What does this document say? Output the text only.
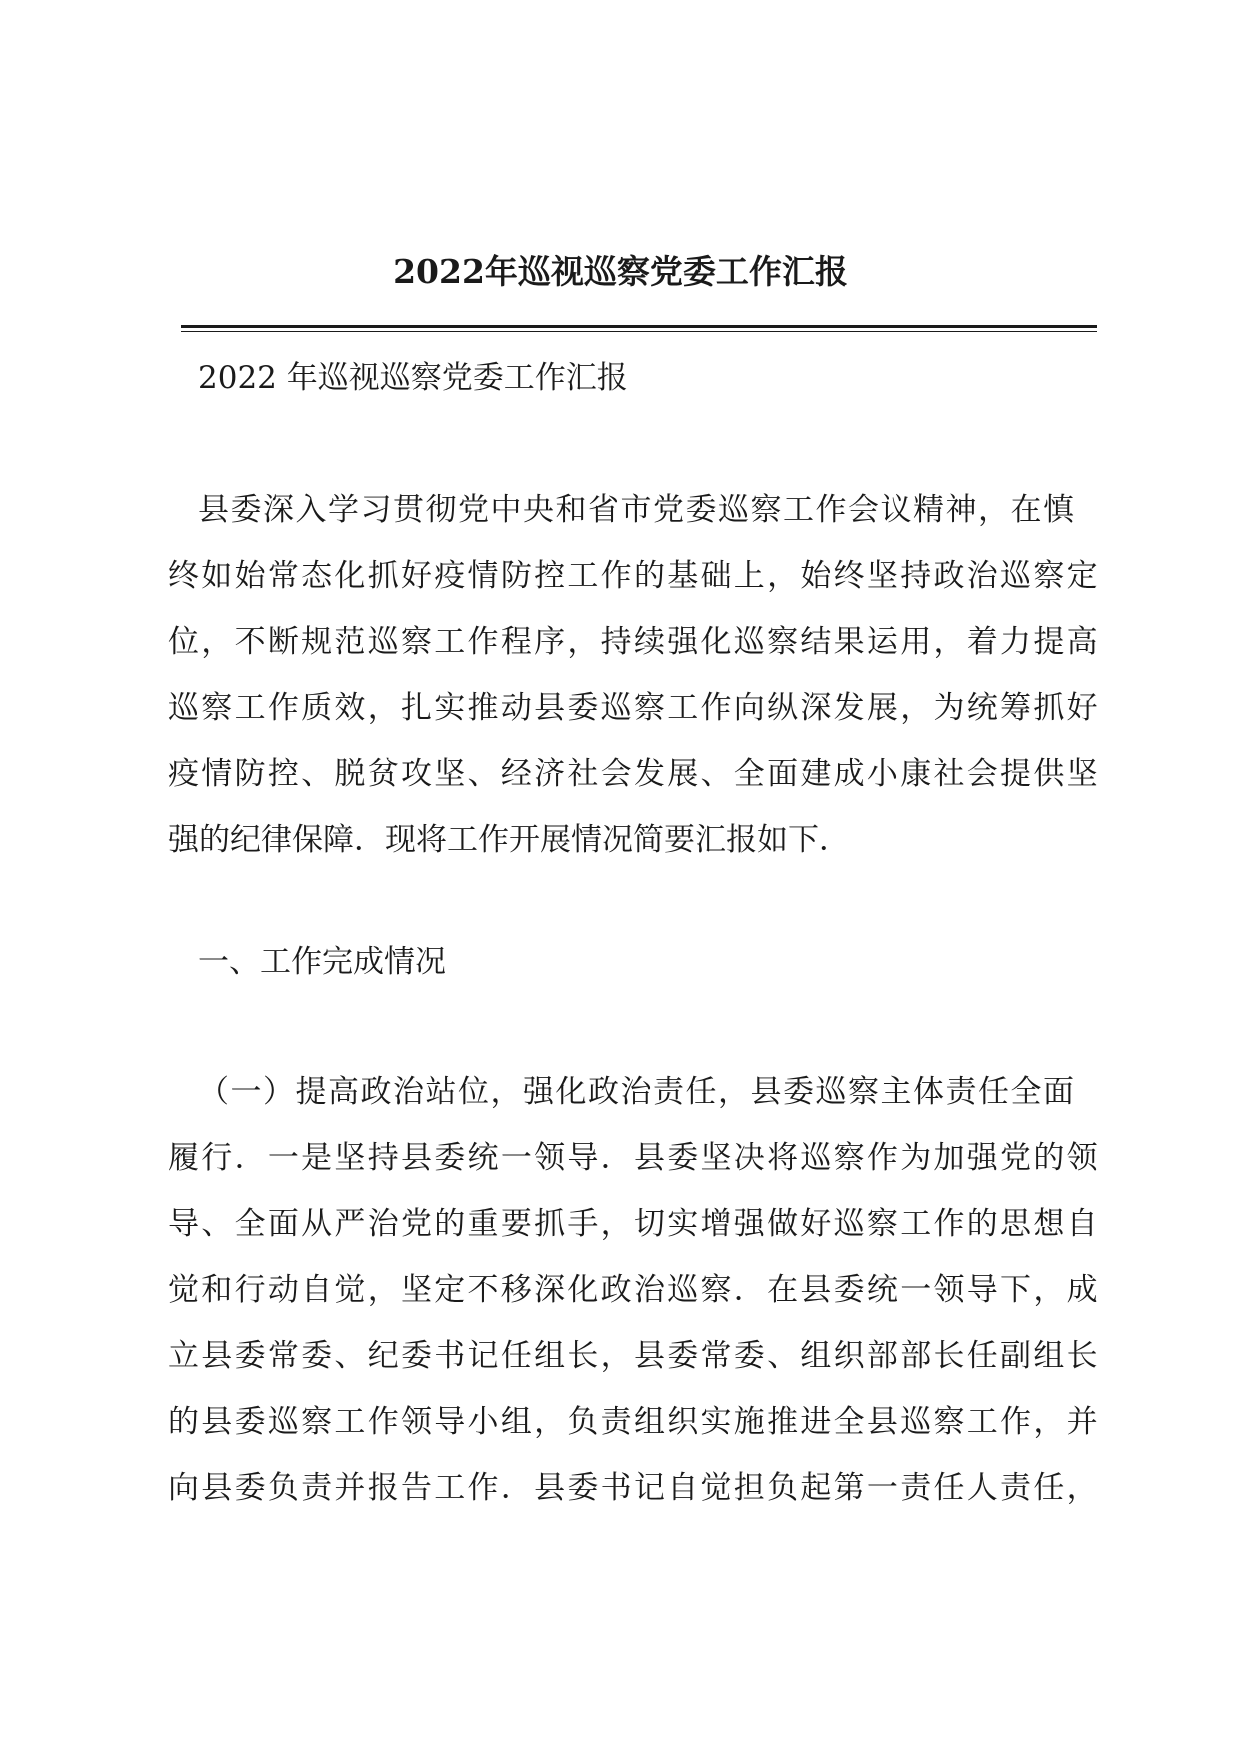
2022年巡视巡察党委工作汇报

2022 年巡视巡察党委工作汇报

县 委 深 入 学 习 贯 彻 党 中 央 和 省 市 党 委 巡 察 工 作 会 议 精 神 ， 在 慎

终 如 始 常 态 化 抓 好 疫 情 防 控 工 作 的 基 础 上 ， 始 终 坚 持 政 治 巡 察 定

位 ， 不 断 规 范 巡 察 工 作 程 序 ， 持 续 强 化 巡 察 结 果 运 用 ， 着 力 提 高

巡 察 工 作 质 效 ， 扎 实 推 动 县 委 巡 察 工 作 向 纵 深 发 展 ， 为 统 筹 抓 好

疫 情 防 控 、 脱 贫 攻 坚 、 经 济 社 会 发 展 、 全 面 建 成 小 康 社 会 提 供 坚

强的纪律保障．现将工作开展情况简要汇报如下．

一、工作完成情况

（ 一 ） 提 高 政 治 站 位 ， 强 化 政 治 责 任 ， 县 委 巡 察 主 体 责 任 全 面

履 行 ． 一 是 坚 持 县 委 统 一 领 导 ． 县 委 坚 决 将 巡 察 作 为 加 强 党 的 领

导 、 全 面 从 严 治 党 的 重 要 抓 手 ， 切 实 增 强 做 好 巡 察 工 作 的 思 想 自

觉 和 行 动 自 觉 ， 坚 定 不 移 深 化 政 治 巡 察 ． 在 县 委 统 一 领 导 下 ， 成

立 县 委 常 委 、 纪 委 书 记 任 组 长 ， 县 委 常 委 、 组 织 部 部 长 任 副 组 长

的 县 委 巡 察 工 作 领 导 小 组 ， 负 责 组 织 实 施 推 进 全 县 巡 察 工 作 ， 并

向 县 委 负 责 并 报 告 工 作 ． 县 委 书 记 自 觉 担 负 起 第 一 责 任 人 责 任 ，
